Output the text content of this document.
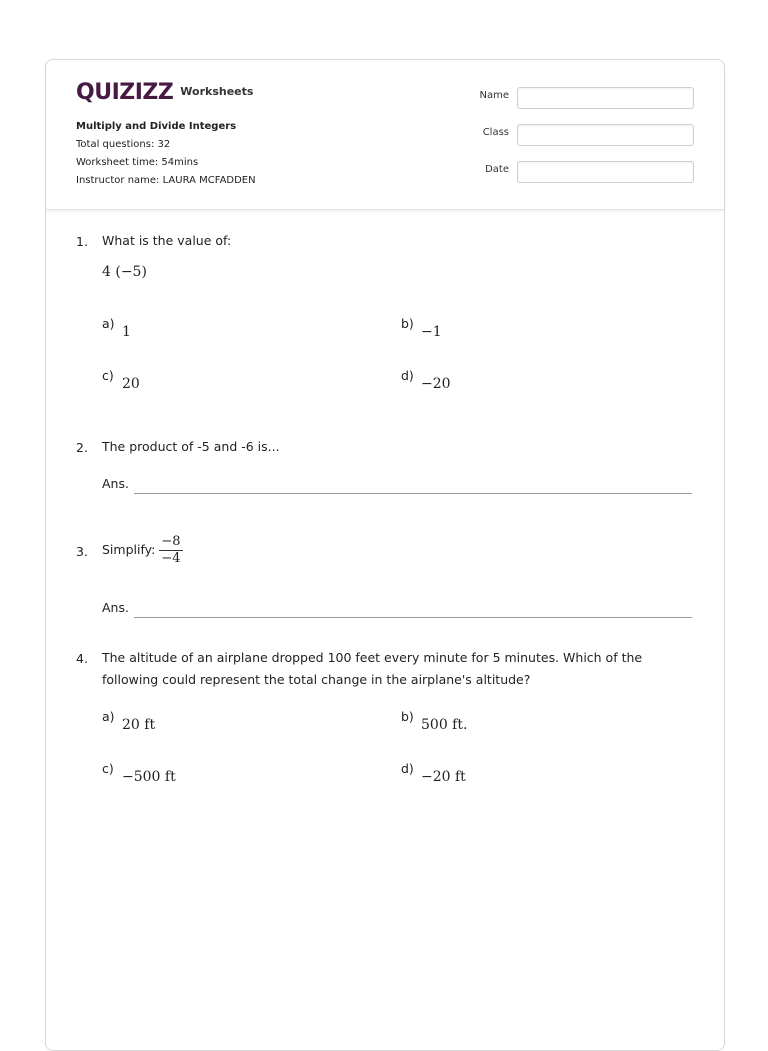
QUIZIZZ Worksheets
Multiply and Divide Integers
Total questions: 32
Worksheet time: 54mins
Instructor name: LAURA MCFADDEN
Name
Class
Date
1. What is the value of:
4 (−5)
a)
1
b)
−1
c)
20
d)
−20
2. The product of -5 and -6 is...
Ans.
3. Simplify: $\frac{-8}{-4}$
Ans.
4. The altitude of an airplane dropped 100 feet every minute for 5 minutes. Which of the following could represent the total change in the airplane's altitude?
a)
20 ft
b)
500 ft.
c)
−500 ft
d)
−20 ft
